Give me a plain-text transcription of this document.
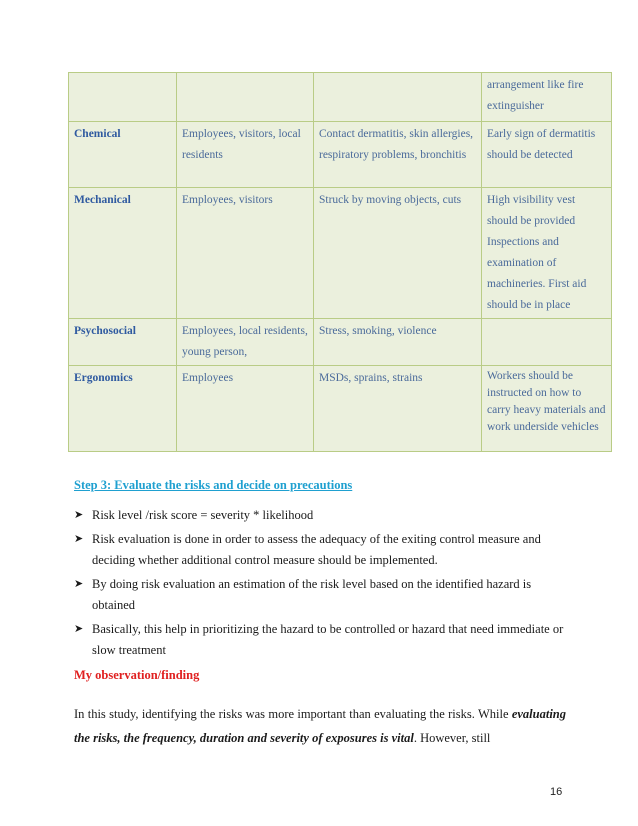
			arrangement like fire extinguisher
Chemical	Employees, visitors, local residents	Contact dermatitis, skin allergies, respiratory problems, bronchitis	Early sign of dermatitis should be detected
Mechanical	Employees, visitors	Struck by moving objects, cuts	High visibility vest should be provided Inspections and examination of machineries. First aid should be in place
Psychosocial	Employees, local residents, young person,	Stress, smoking, violence	
Ergonomics	Employees	MSDs, sprains, strains	Workers should be instructed on how to carry heavy materials and work underside vehicles
Step 3: Evaluate the risks and decide on precautions
➤ Risk level /risk score = severity * likelihood
➤ Risk evaluation is done in order to assess the adequacy of the exiting control measure and deciding whether additional control measure should be implemented.
➤ By doing risk evaluation an estimation of the risk level based on the identified hazard is obtained
➤ Basically, this help in prioritizing the hazard to be controlled or hazard that need immediate or slow treatment
My observation/finding

In this study, identifying the risks was more important than evaluating the risks. While evaluating the risks, the frequency, duration and severity of exposures is vital. However, still

16
